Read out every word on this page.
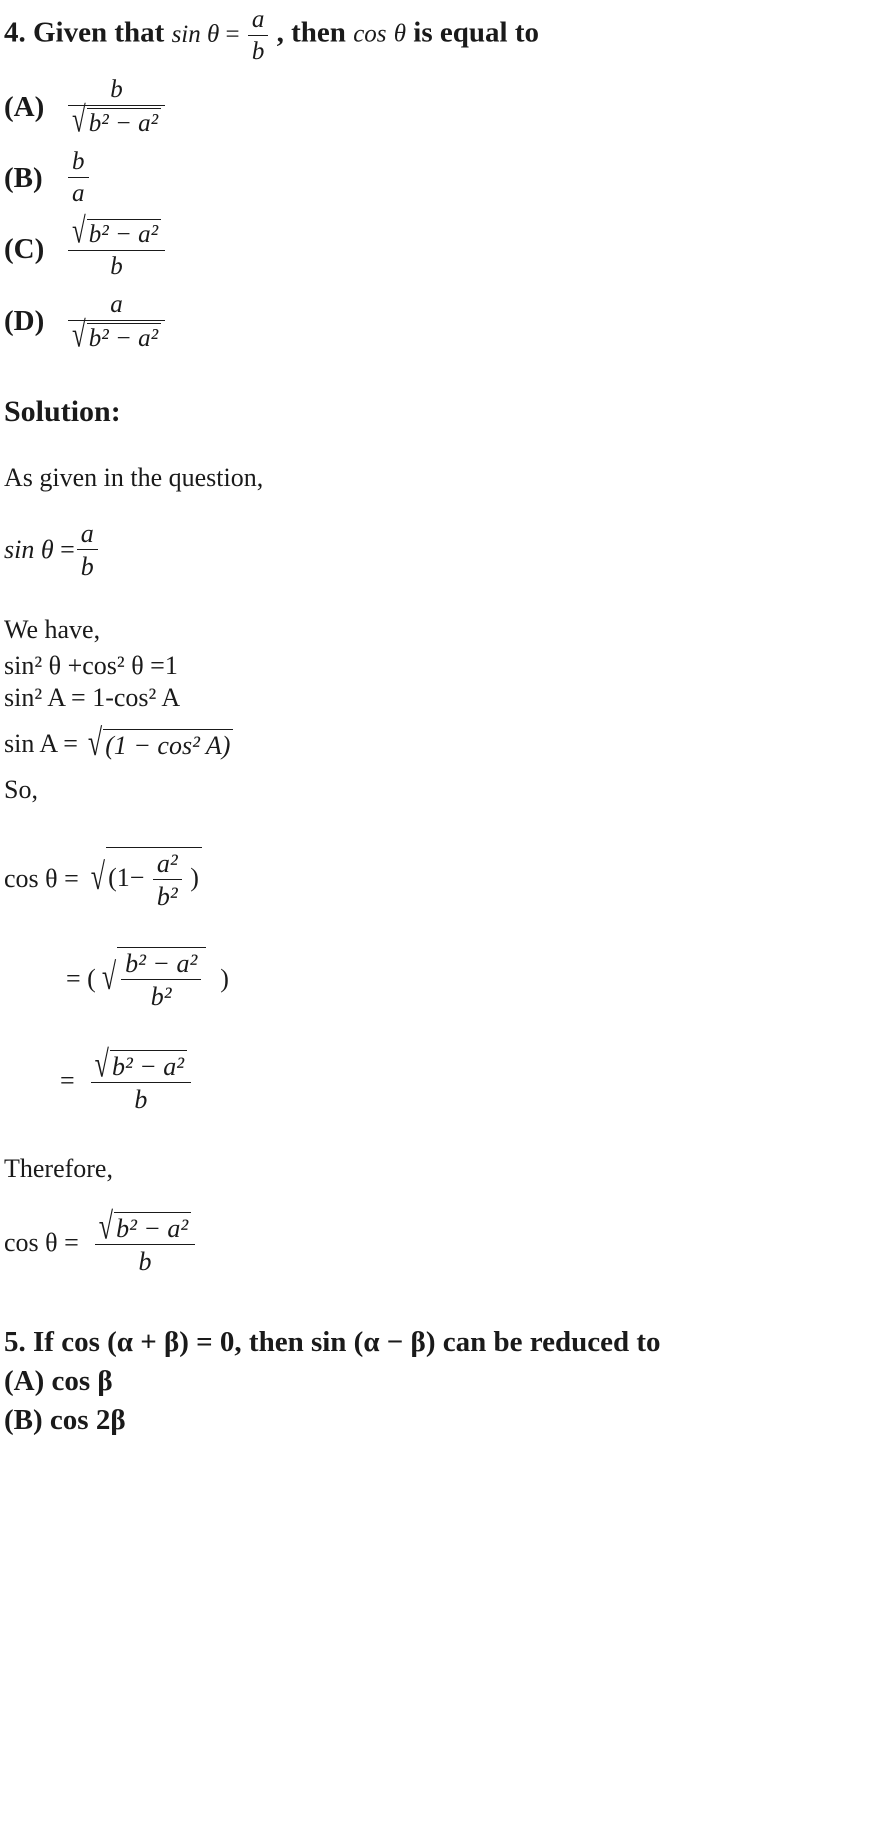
4. Given that $\sin \theta = \frac{a}{b}$ , then cos θ is equal to
$(A) \frac{b}{\text{√ b² − a²}}$
(B)	$\frac{b}{a}$
$(C) \frac{\text{√ b² − a²}}{b}$
$(D) \frac{a}{\text{√ b² − a²}}$
Solution:
As given in the question,
$\sin \theta = \frac{a}{b}$
We have,
sin² θ +cos² θ =1
sin² A = 1-cos² A
sin A = √ (1 − cos² A)
So,
cos θ = √ ($1- \frac{\text{a²}}{\text{b²}}$ )
= ( √ $\frac{\text{b² − a²}}{\text{b²}}$ )
= $\frac{\text{√ b² − a²}}{b}$
Therefore,
$\cos \theta = \frac{\text{√ b² − a²}}{b}$
5. If cos (α + β) = 0, then sin (α − β) can be reduced to
(A) cos β
(B) cos 2β
